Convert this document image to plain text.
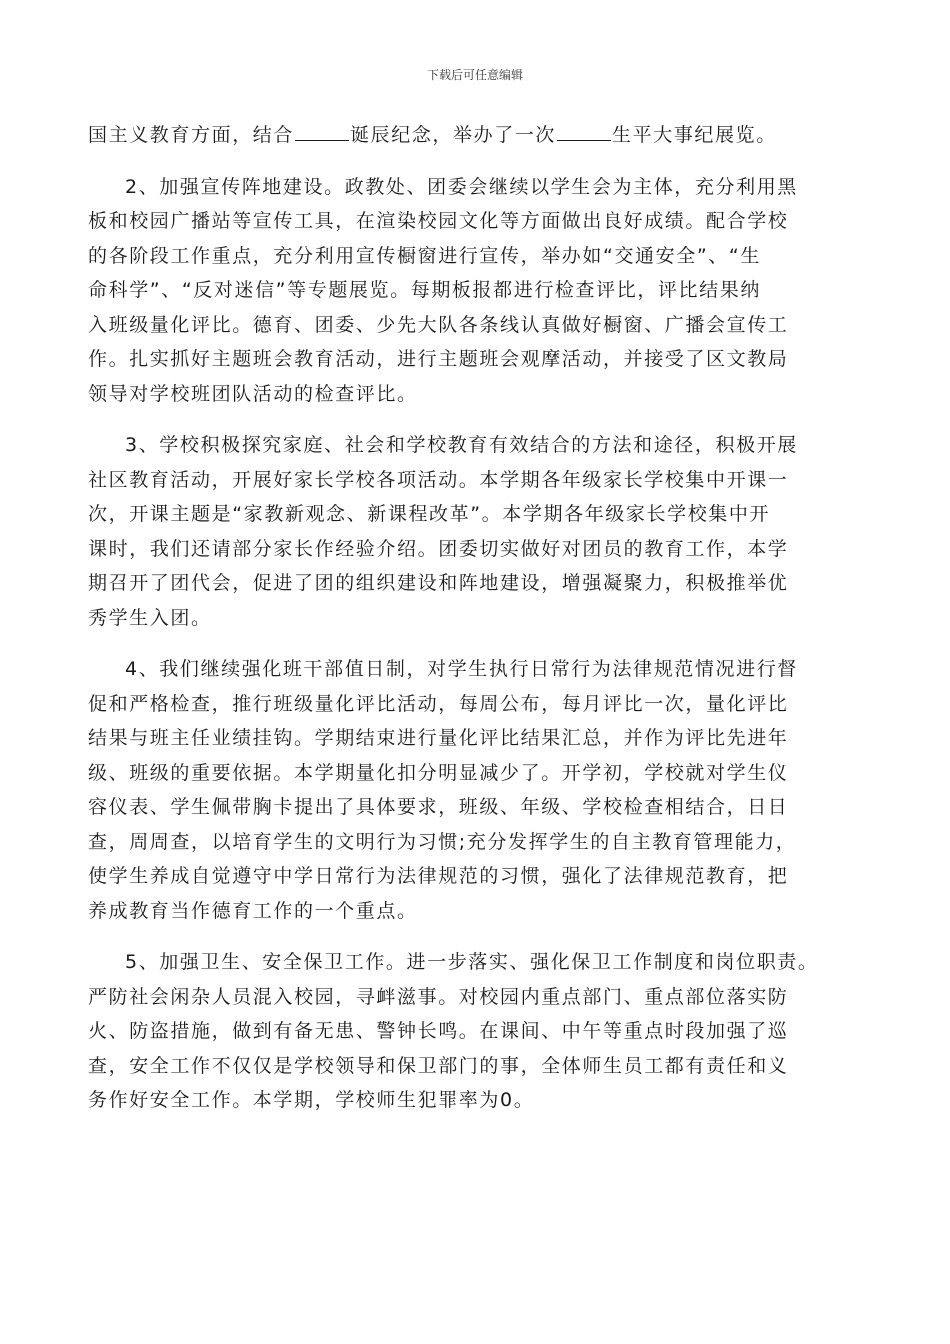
下载后可任意编辑
国主义教育方面，结合	诞辰纪念，举办了一次	生平大事纪展览。
2、加强宣传阵地建设。政教处、团委会继续以学生会为主体，充分利用黑
板和校园广播站等宣传工具，在渲染校园文化等方面做出良好成绩。配合学校
的各阶段工作重点，充分利用宣传橱窗进行宣传，举办如“交通安全”、“生
命科学”、“反对迷信”等专题展览。每期板报都进行检查评比，评比结果纳
入班级量化评比。德育、团委、少先大队各条线认真做好橱窗、广播会宣传工
作。扎实抓好主题班会教育活动，进行主题班会观摩活动，并接受了区文教局
领导对学校班团队活动的检查评比。
3、学校积极探究家庭、社会和学校教育有效结合的方法和途径，积极开展
社区教育活动，开展好家长学校各项活动。本学期各年级家长学校集中开课一
次，开课主题是“家教新观念、新课程改革”。本学期各年级家长学校集中开
课时，我们还请部分家长作经验介绍。团委切实做好对团员的教育工作，本学
期召开了团代会，促进了团的组织建设和阵地建设，增强凝聚力，积极推举优
秀学生入团。
4、我们继续强化班干部值日制，对学生执行日常行为法律规范情况进行督
促和严格检查，推行班级量化评比活动，每周公布，每月评比一次，量化评比
结果与班主任业绩挂钩。学期结束进行量化评比结果汇总，并作为评比先进年
级、班级的重要依据。本学期量化扣分明显减少了。开学初，学校就对学生仪
容仪表、学生佩带胸卡提出了具体要求，班级、年级、学校检查相结合，日日
查，周周查，以培育学生的文明行为习惯;充分发挥学生的自主教育管理能力，
使学生养成自觉遵守中学日常行为法律规范的习惯，强化了法律规范教育，把
养成教育当作德育工作的一个重点。
5、加强卫生、安全保卫工作。进一步落实、强化保卫工作制度和岗位职责。
严防社会闲杂人员混入校园，寻衅滋事。对校园内重点部门、重点部位落实防
火、防盗措施，做到有备无患、警钟长鸣。在课间、中午等重点时段加强了巡
查，安全工作不仅仅是学校领导和保卫部门的事，全体师生员工都有责任和义
务作好安全工作。本学期，学校师生犯罪率为0。
